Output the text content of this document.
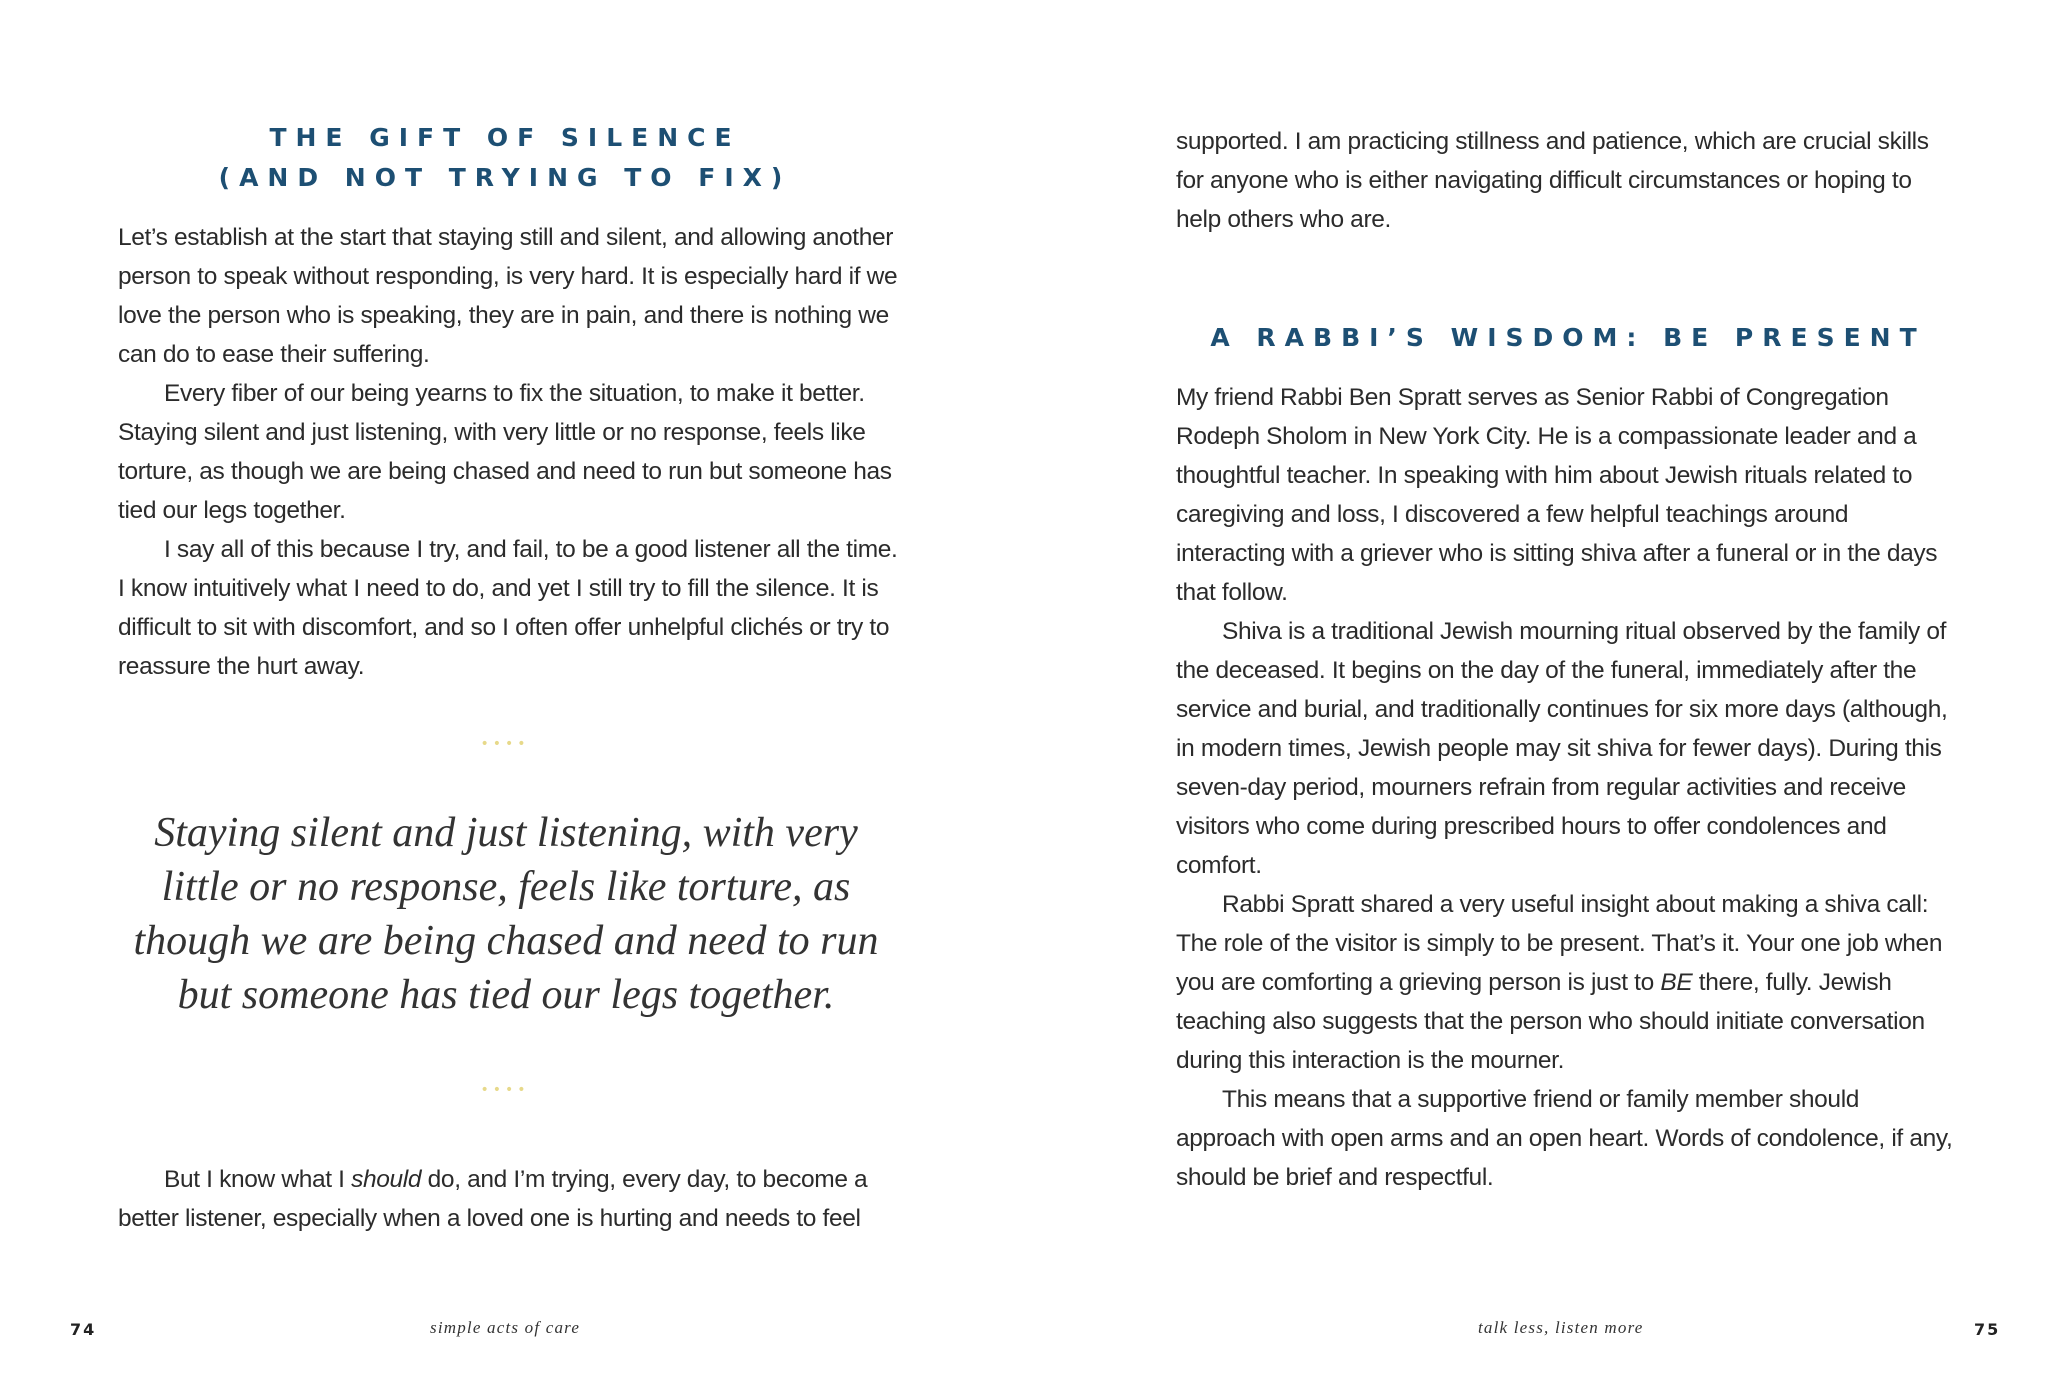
THE GIFT OF SILENCE
(AND NOT TRYING TO FIX)

Let’s establish at the start that staying still and silent, and allowing another person to speak without responding, is very hard. It is especially hard if we love the person who is speaking, they are in pain, and there is nothing we can do to ease their suffering.

Every fiber of our being yearns to fix the situation, to make it better. Staying silent and just listening, with very little or no response, feels like torture, as though we are being chased and need to run but someone has tied our legs together.

I say all of this because I try, and fail, to be a good listener all the time. I know intuitively what I need to do, and yet I still try to fill the silence. It is difficult to sit with discomfort, and so I often offer unhelpful clichés or try to reassure the hurt away.

••••

Staying silent and just listening, with very little or no response, feels like torture, as though we are being chased and need to run but someone has tied our legs together.

••••

But I know what I should do, and I’m trying, every day, to become a better listener, especially when a loved one is hurting and needs to feel

74	simple acts of care

supported. I am practicing stillness and patience, which are crucial skills for anyone who is either navigating difficult circumstances or hoping to help others who are.

A RABBI’S WISDOM: BE PRESENT

My friend Rabbi Ben Spratt serves as Senior Rabbi of Congregation Rodeph Sholom in New York City. He is a compassionate leader and a thoughtful teacher. In speaking with him about Jewish rituals related to caregiving and loss, I discovered a few helpful teachings around interacting with a griever who is sitting shiva after a funeral or in the days that follow.

Shiva is a traditional Jewish mourning ritual observed by the family of the deceased. It begins on the day of the funeral, immediately after the service and burial, and traditionally continues for six more days (although, in modern times, Jewish people may sit shiva for fewer days). During this seven-day period, mourners refrain from regular activities and receive visitors who come during prescribed hours to offer condolences and comfort.

Rabbi Spratt shared a very useful insight about making a shiva call: The role of the visitor is simply to be present. That’s it. Your one job when you are comforting a grieving person is just to BE there, fully. Jewish teaching also suggests that the person who should initiate conversation during this interaction is the mourner.

This means that a supportive friend or family member should approach with open arms and an open heart. Words of condolence, if any, should be brief and respectful.

talk less, listen more	75
